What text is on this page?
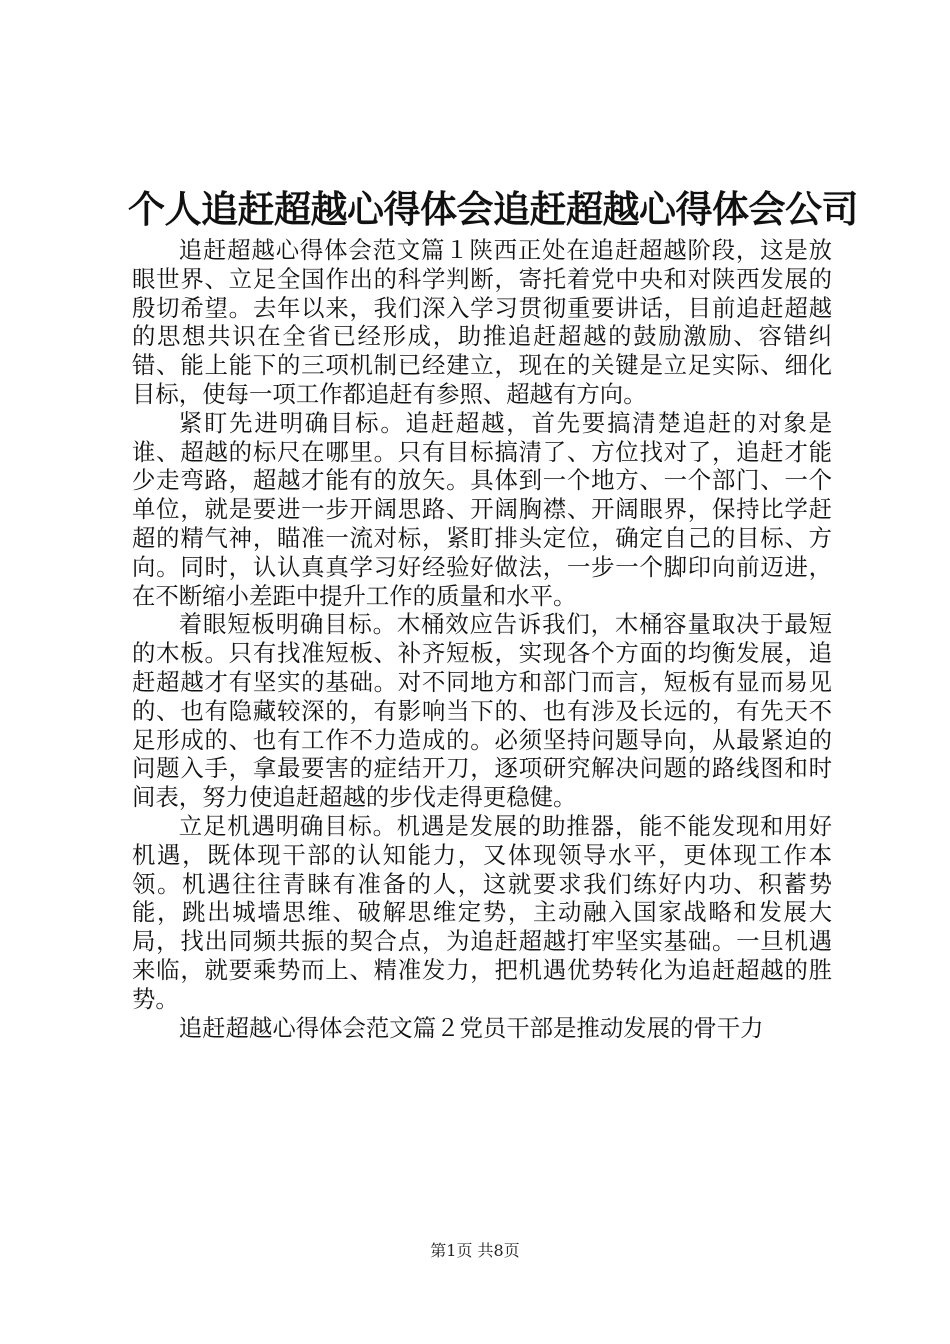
个人追赶超越心得体会追赶超越心得体会公司

追赶超越心得体会范文篇１陕西正处在追赶超越阶段，这是放眼世界、立足全国作出的科学判断，寄托着党中央和对陕西发展的殷切希望。去年以来，我们深入学习贯彻重要讲话，目前追赶超越的思想共识在全省已经形成，助推追赶超越的鼓励激励、容错纠错、能上能下的三项机制已经建立，现在的关键是立足实际、细化目标，使每一项工作都追赶有参照、超越有方向。

紧盯先进明确目标。追赶超越，首先要搞清楚追赶的对象是谁、超越的标尺在哪里。只有目标搞清了、方位找对了，追赶才能少走弯路，超越才能有的放矢。具体到一个地方、一个部门、一个单位，就是要进一步开阔思路、开阔胸襟、开阔眼界，保持比学赶超的精气神，瞄准一流对标，紧盯排头定位，确定自己的目标、方向。同时，认认真真学习好经验好做法，一步一个脚印向前迈进，在不断缩小差距中提升工作的质量和水平。

着眼短板明确目标。木桶效应告诉我们，木桶容量取决于最短的木板。只有找准短板、补齐短板，实现各个方面的均衡发展，追赶超越才有坚实的基础。对不同地方和部门而言，短板有显而易见的、也有隐藏较深的，有影响当下的、也有涉及长远的，有先天不足形成的、也有工作不力造成的。必须坚持问题导向，从最紧迫的问题入手，拿最要害的症结开刀，逐项研究解决问题的路线图和时间表，努力使追赶超越的步伐走得更稳健。

立足机遇明确目标。机遇是发展的助推器，能不能发现和用好机遇，既体现干部的认知能力，又体现领导水平，更体现工作本领。机遇往往青睐有准备的人，这就要求我们练好内功、积蓄势能，跳出城墙思维、破解思维定势，主动融入国家战略和发展大局，找出同频共振的契合点，为追赶超越打牢坚实基础。一旦机遇来临，就要乘势而上、精准发力，把机遇优势转化为追赶超越的胜势。

追赶超越心得体会范文篇２党员干部是推动发展的骨干力

第1页 共8页
